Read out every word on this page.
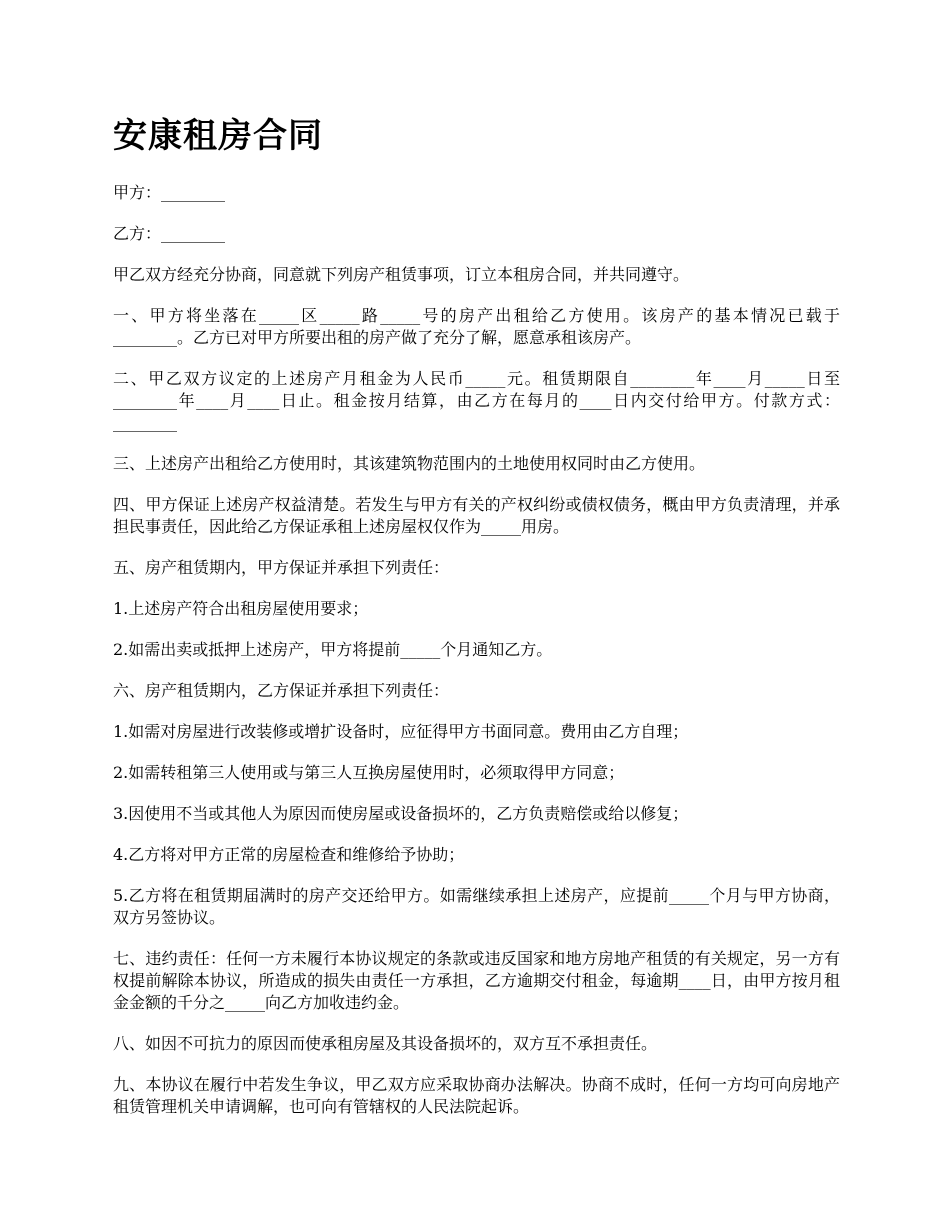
安康租房合同

甲方：________

乙方：________

甲乙双方经充分协商，同意就下列房产租赁事项，订立本租房合同，并共同遵守。

一、甲方将坐落在_____区_____路_____号的房产出租给乙方使用。该房产的基本情况已载于________。乙方已对甲方所要出租的房产做了充分了解，愿意承租该房产。

二、甲乙双方议定的上述房产月租金为人民币_____元。租赁期限自________年____月_____日至________年____月____日止。租金按月结算，由乙方在每月的____日内交付给甲方。付款方式：________

三、上述房产出租给乙方使用时，其该建筑物范围内的土地使用权同时由乙方使用。

四、甲方保证上述房产权益清楚。若发生与甲方有关的产权纠纷或债权债务，概由甲方负责清理，并承担民事责任，因此给乙方保证承租上述房屋权仅作为_____用房。

五、房产租赁期内，甲方保证并承担下列责任：

1.上述房产符合出租房屋使用要求；

2.如需出卖或抵押上述房产，甲方将提前_____个月通知乙方。

六、房产租赁期内，乙方保证并承担下列责任：

1.如需对房屋进行改装修或增扩设备时，应征得甲方书面同意。费用由乙方自理；

2.如需转租第三人使用或与第三人互换房屋使用时，必须取得甲方同意；

3.因使用不当或其他人为原因而使房屋或设备损坏的，乙方负责赔偿或给以修复；

4.乙方将对甲方正常的房屋检查和维修给予协助；

5.乙方将在租赁期届满时的房产交还给甲方。如需继续承担上述房产，应提前_____个月与甲方协商，双方另签协议。

七、违约责任：任何一方未履行本协议规定的条款或违反国家和地方房地产租赁的有关规定，另一方有权提前解除本协议，所造成的损失由责任一方承担，乙方逾期交付租金，每逾期____日，由甲方按月租金金额的千分之_____向乙方加收违约金。

八、如因不可抗力的原因而使承租房屋及其设备损坏的，双方互不承担责任。

九、本协议在履行中若发生争议，甲乙双方应采取协商办法解决。协商不成时，任何一方均可向房地产租赁管理机关申请调解，也可向有管辖权的人民法院起诉。
